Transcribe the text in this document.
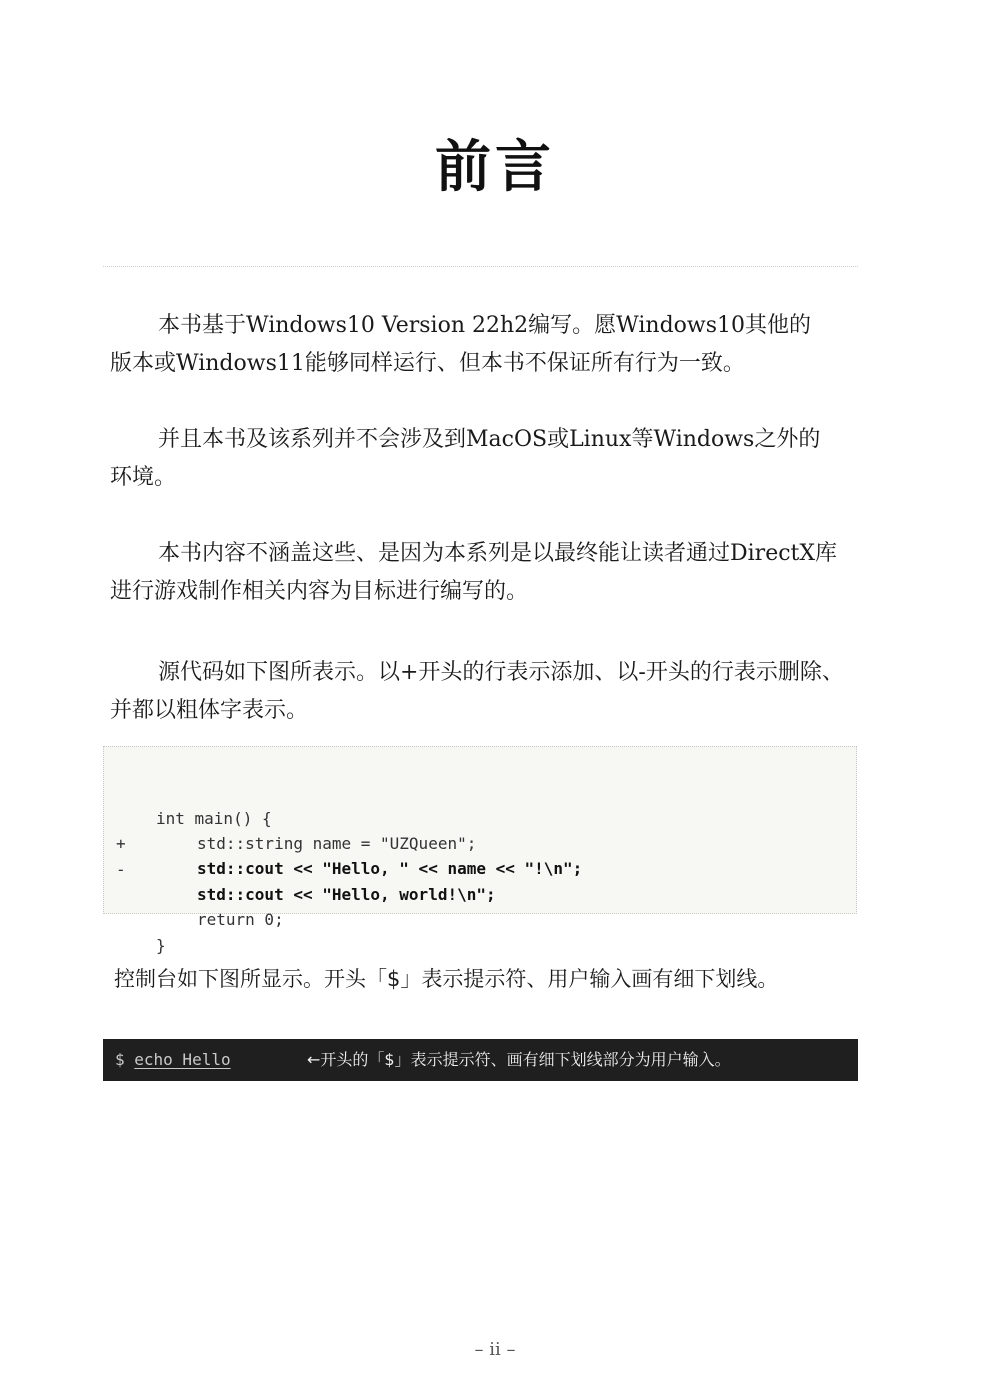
前言

本书基于Windows10 Version 22h2编写。愿Windows10其他的
版本或Windows11能够同样运行、但本书不保证所有行为一致。

并且本书及该系列并不会涉及到MacOS或Linux等Windows之外的
环境。

本书内容不涵盖这些、是因为本系列是以最终能让读者通过DirectX库
进行游戏制作相关内容为目标进行编写的。

源代码如下图所表示。以+开头的行表示添加、以-开头的行表示删除、
并都以粗体字表示。

int main() {

std::string name = "UZQueen";

+

std::cout << "Hello, " << name << "!\n";

-

std::cout << "Hello, world!\n";

return 0;

}

控制台如下图所显示。开头「$」表示提示符、用户输入画有细下划线。
$ echo Hello	←开头的「$」表示提示符、画有细下划线部分为用户输入。
– ii –
